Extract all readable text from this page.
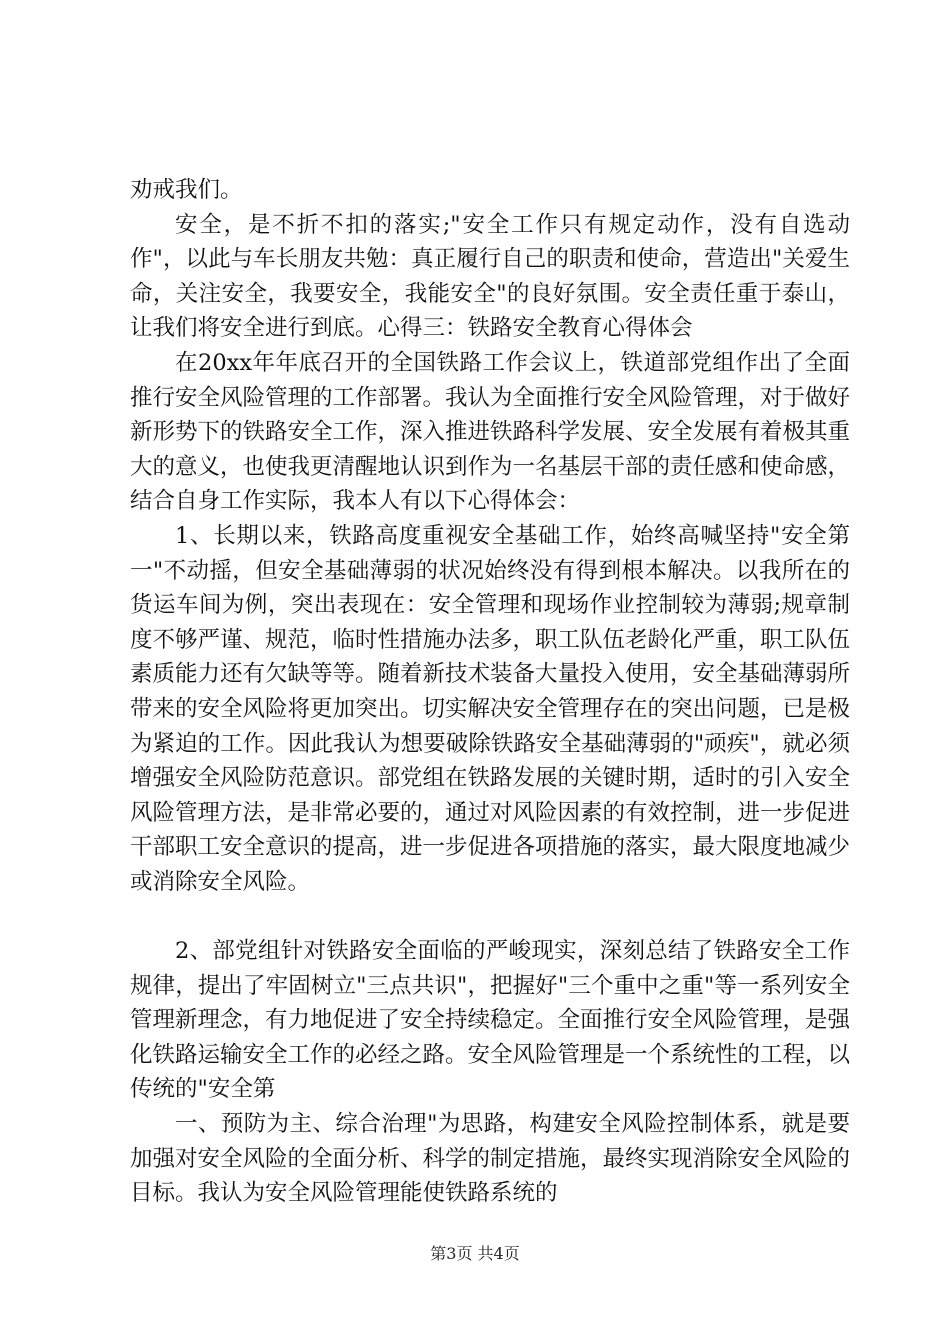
劝戒我们。

安全，是不折不扣的落实;"安全工作只有规定动作，没有自选动作"，以此与车长朋友共勉：真正履行自己的职责和使命，营造出"关爱生命，关注安全，我要安全，我能安全"的良好氛围。安全责任重于泰山，让我们将安全进行到底。心得三：铁路安全教育心得体会

在20xx年年底召开的全国铁路工作会议上，铁道部党组作出了全面推行安全风险管理的工作部署。我认为全面推行安全风险管理，对于做好新形势下的铁路安全工作，深入推进铁路科学发展、安全发展有着极其重大的意义，也使我更清醒地认识到作为一名基层干部的责任感和使命感，结合自身工作实际，我本人有以下心得体会：

1、长期以来，铁路高度重视安全基础工作，始终高喊坚持"安全第一"不动摇，但安全基础薄弱的状况始终没有得到根本解决。以我所在的货运车间为例，突出表现在：安全管理和现场作业控制较为薄弱;规章制度不够严谨、规范，临时性措施办法多，职工队伍老龄化严重，职工队伍素质能力还有欠缺等等。随着新技术装备大量投入使用，安全基础薄弱所带来的安全风险将更加突出。切实解决安全管理存在的突出问题，已是极为紧迫的工作。因此我认为想要破除铁路安全基础薄弱的"顽疾"，就必须增强安全风险防范意识。部党组在铁路发展的关键时期，适时的引入安全风险管理方法，是非常必要的，通过对风险因素的有效控制，进一步促进干部职工安全意识的提高，进一步促进各项措施的落实，最大限度地减少或消除安全风险。

2、部党组针对铁路安全面临的严峻现实，深刻总结了铁路安全工作规律，提出了牢固树立"三点共识"，把握好"三个重中之重"等一系列安全管理新理念，有力地促进了安全持续稳定。全面推行安全风险管理，是强化铁路运输安全工作的必经之路。安全风险管理是一个系统性的工程，以传统的"安全第

一、预防为主、综合治理"为思路，构建安全风险控制体系，就是要加强对安全风险的全面分析、科学的制定措施，最终实现消除安全风险的目标。我认为安全风险管理能使铁路系统的

第3页 共4页
